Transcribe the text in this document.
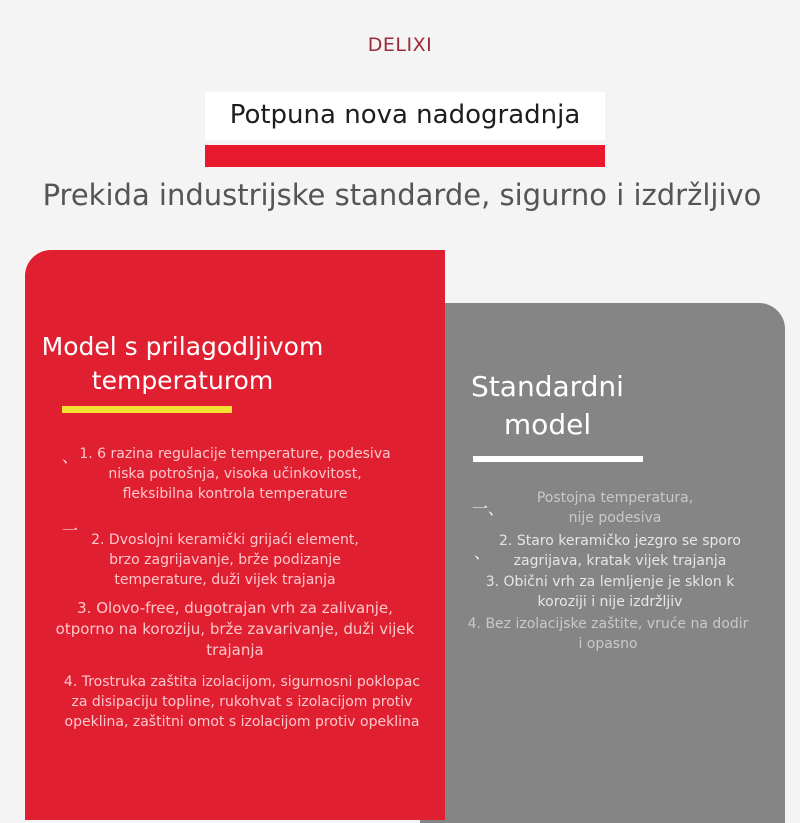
DELIXI
Potpuna nova nadogradnja
Prekida industrijske standarde, sigurno i izdržljivo
Model s prilagodljivom
temperaturom
、
一
1. 6 razina regulacije temperature, podesiva
niska potrošnja, visoka učinkovitost,
fleksibilna kontrola temperature
2. Dvoslojni keramički grijaći element,
brzo zagrijavanje, brže podizanje
temperature, duži vijek trajanja
3. Olovo-free, dugotrajan vrh za zalivanje,
otporno na koroziju, brže zavarivanje, duži vijek
trajanja
4. Trostruka zaštita izolacijom, sigurnosni poklopac
za disipaciju topline, rukohvat s izolacijom protiv
opeklina, zaštitni omot s izolacijom protiv opeklina
Standardni
model
一、
、
Postojna temperatura,
nije podesiva
2. Staro keramičko jezgro se sporo
zagrijava, kratak vijek trajanja
3. Obični vrh za lemljenje je sklon k
koroziji i nije izdržljiv
4. Bez izolacijske zaštite, vruće na dodir
i opasno
